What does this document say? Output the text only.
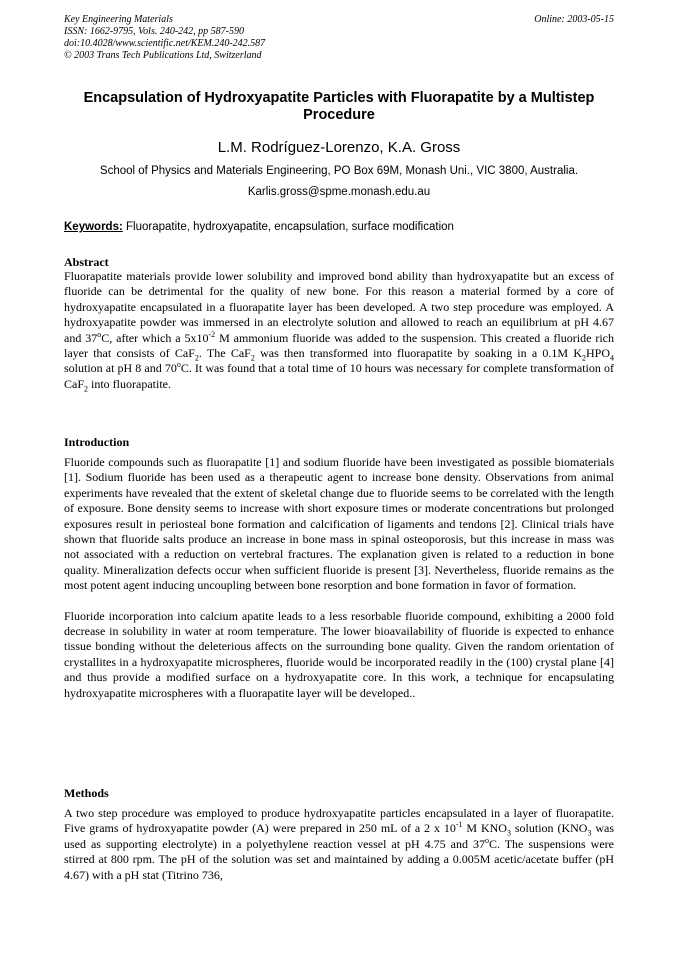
Key Engineering Materials
ISSN: 1662-9795, Vols. 240-242, pp 587-590
doi:10.4028/www.scientific.net/KEM.240-242.587
© 2003 Trans Tech Publications Ltd, Switzerland
Online: 2003-05-15
Encapsulation of Hydroxyapatite Particles with Fluorapatite by a Multistep Procedure
L.M. Rodríguez-Lorenzo, K.A. Gross
School of Physics and Materials Engineering, PO Box 69M, Monash Uni., VIC 3800, Australia.
Karlis.gross@spme.monash.edu.au
Keywords: Fluorapatite, hydroxyapatite, encapsulation, surface modification
Abstract

Fluorapatite materials provide lower solubility and improved bond ability than hydroxyapatite but an excess of fluoride can be detrimental for the quality of new bone. For this reason a material formed by a core of hydroxyapatite encapsulated in a fluorapatite layer has been developed. A two step procedure was employed. A hydroxyapatite powder was immersed in an electrolyte solution and allowed to reach an equilibrium at pH 4.67 and 37$^o$C, after which a $5x10^{-2}$ M ammonium fluoride was added to the suspension. This created a fluoride rich layer that consists of CaF$_2$. The CaF$_2$ was then transformed into fluorapatite by soaking in a 0.1M $K_2HPO_4$ solution at pH 8 and 70$^o$C. It was found that a total time of 10 hours was necessary for complete transformation of CaF$_2$ into fluorapatite.

Introduction

Fluoride compounds such as fluorapatite [1] and sodium fluoride have been investigated as possible biomaterials [1]. Sodium fluoride has been used as a therapeutic agent to increase bone density. Observations from animal experiments have revealed that the extent of skeletal change due to fluoride seems to be correlated with the length of exposure. Bone density seems to increase with short exposure times or moderate concentrations but prolonged exposures result in periosteal bone formation and calcification of ligaments and tendons [2]. Clinical trials have shown that fluoride salts produce an increase in bone mass in spinal osteoporosis, but this increase in mass was not associated with a reduction on vertebral fractures. The explanation given is related to a reduction in bone quality. Mineralization defects occur when sufficient fluoride is present [3]. Nevertheless, fluoride remains as the most potent agent inducing uncoupling between bone resorption and bone formation in favor of formation.

Fluoride incorporation into calcium apatite leads to a less resorbable fluoride compound, exhibiting a 2000 fold decrease in solubility in water at room temperature. The lower bioavailability of fluoride is expected to enhance tissue bonding without the deleterious affects on the surrounding bone quality. Given the random orientation of crystallites in a hydroxyapatite microspheres, fluoride would be incorporated readily in the (100) crystal plane [4] and thus provide a modified surface on a hydroxyapatite core. In this work, a technique for encapsulating hydroxyapatite microspheres with a fluorapatite layer will be developed..

Methods

A two step procedure was employed to produce hydroxyapatite particles encapsulated in a layer of fluorapatite. Five grams of hydroxyapatite powder (A) were prepared in 250 mL of a 2 x $10^{-1}$ M $KNO_3$ solution ($KNO_3$ was used as supporting electrolyte) in a polyethylene reaction vessel at pH 4.75 and 37$^o$C. The suspensions were stirred at 800 rpm. The pH of the solution was set and maintained by adding a 0.005M acetic/acetate buffer (pH 4.67) with a pH stat (Titrino 736,
